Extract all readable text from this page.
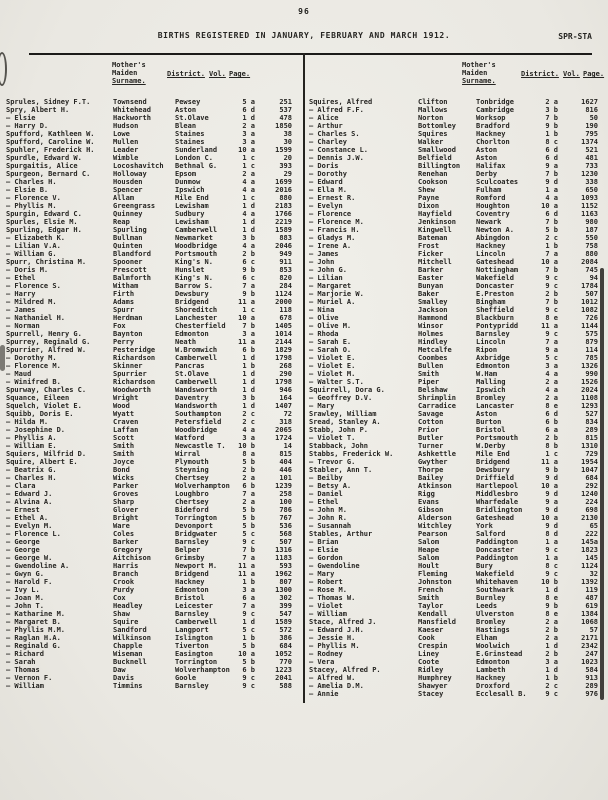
96
BIRTHS REGISTERED IN JANUARY, FEBRUARY AND MARCH 1912.	SPR-STA
Mother's
Maiden
Surname.
District. Vol. Page.
Mother's
Maiden
Surname.
District. Vol. Page.
Sprules, Sidney F.T.	Townsend	Pewsey	5 a	251
Spry, Albert H.	Whitehead	Aston	6 d	537
— Elsie	Hackworth	St.Olave	1 d	478
— Harry D.	Hudson	Blean	2 a	1850
Spufford, Kathleen W.	Lowe	Staines	3 a	38
Spufford, Caroline W.	Mullen	Staines	3 a	30
Spuhler, Frederick H.	Leader	Sunderland	10 a	1599
Spurdle, Edward W.	Wimble	London C.	1 c	20
Spurgaitis, Alice	Locoshavitch	Bethnal G.	1 c	393
Spurgeon, Bernard C.	Holloway	Epsom	2 a	29
— Charles H.	Housden	Dunmow	4 a	1699
— Elsie B.	Spencer	Ipswich	4 a	2016
— Florence V.	Allam	Mile End	1 c	880
— Phyllis M.	Greengrass	Lewisham	1 d	2183
Spurgin, Edward C.	Quinney	Sudbury	4 a	1766
Spurles, Elsie M.	Reap	Lewisham	1 d	2219
Spurling, Edgar H.	Spurling	Camberwell	1 d	1589
— Elizabeth K.	Bullman	Newmarket	3 b	883
— Lilian V.A.	Quinten	Woodbridge	4 a	2046
— William G.	Blandford	Portsmouth	2 b	949
Spurr, Christina M.	Spooner	King's N.	6 c	911
— Doris M.	Prescott	Hunslet	9 b	853
— Ethel	Balmforth	King's N.	6 c	820
— Florence S.	Witham	Barrow S.	7 a	284
— Harry	Firth	Dewsbury	9 b	1124
— Mildred M.	Adams	Bridgend	11 a	2000
— James	Spurr	Shoreditch	1 c	118
— Nathaniel H.	Herdman	Lanchester	10 a	678
— Norman	Fox	Chesterfield	7 b	1405
Spurrell, Henry G.	Baynton	Edmonton	3 a	1014
Spurrey, Reginald G.	Perry	Neath	11 a	2144
Spurrier, Alfred W.	Pesteridge	W.Bromwich	6 b	1829
— Dorothy M.	Richardson	Camberwell	1 d	1798
— Florence M.	Skinner	Pancras	1 b	268
— Maud	Spurrier	St.Olave	1 d	290
— Winifred B.	Richardson	Camberwell	1 d	1798
Spurway, Charles C.	Woodworth	Wandsworth	1 d	946
Squance, Eileen	Wright	Daventry	3 b	164
Squelch, Violet E.	Wood	Wandsworth	1 d	1407
Squibb, Doris E.	Wyatt	Southampton	2 c	72
— Hilda M.	Craven	Petersfield	2 c	318
— Josephine D.	Laffan	Woodbridge	4 a	2065
— Phyllis A.	Scott	Watford	3 a	1724
— William E.	Smith	Newcastle T.	10 b	14
Squiers, Wilfrid D.	Smith	Wirral	8 a	815
Squire, Albert E.	Joyce	Plymouth	5 b	404
— Beatrix G.	Bond	Steyning	2 b	446
— Charles H.	Wicks	Chertsey	2 a	101
— Clara	Parker	Wolverhampton	6 b	1239
— Edward J.	Groves	Loughbro	7 a	258
— Alvina A.	Sharp	Chertsey	2 a	100
— Ernest	Glover	Bideford	5 b	786
— Ethel A.	Bright	Torrington	5 b	767
— Evelyn M.	Ware	Devonport	5 b	536
— Florence L.	Coles	Bridgwater	5 c	568
— George	Barker	Barnsley	9 c	507
— George	Gregory	Belper	7 b	1316
— George W.	Aitchison	Grimsby	7 a	1183
— Gwendoline A.	Harris	Newport M.	11 a	593
— Gwyn G.	Branch	Bridgend	11 a	1962
— Harold F.	Crook	Hackney	1 b	807
— Ivy L.	Purdy	Edmonton	3 a	1300
— Joan M.	Cox	Bristol	6 a	302
— John T.	Headley	Leicester	7 a	399
— Katharine M.	Shaw	Barnsley	9 c	547
— Margaret B.	Squire	Camberwell	1 d	1589
— Phyllis M.M.	Sandford	Langport	5 c	572
— Raglan H.A.	Wilkinson	Islington	1 b	386
— Reginald G.	Chapple	Tiverton	5 b	684
— Richard	Wiseman	Easington	10 a	1052
— Sarah	Bucknell	Torrington	5 b	770
— Thomas	Daw	Wolverhampton	6 b	1223
— Vernon F.	Davis	Goole	9 c	2041
— William	Timmins	Barnsley	9 c	588
Squires, Alfred	Clifton	Tonbridge	2 a	1627
— Alfred F.F.	Mallows	Cambridge	3 b	816
— Alice	Norton	Worksop	7 b	50
— Arthur	Bottomley	Bradford	9 b	190
— Charles S.	Squires	Hackney	1 b	795
— Charley	Walker	Chorlton	8 c	1374
— Constance L.	Smallwood	Aston	6 d	521
— Dennis J.W.	Belfield	Aston	6 d	481
— Doris	Billington	Halifax	9 a	733
— Dorothy	Renehan	Derby	7 b	1230
— Edward	Cookson	Sculcoates	9 d	338
— Ella M.	Shew	Fulham	1 a	650
— Ernest R.	Payne	Romford	4 a	1093
— Evelyn	Dixon	Houghton	10 a	1152
— Florence	Hayfield	Coventry	6 d	1163
— Florence M.	Jenkinson	Newark	7 b	980
— Francis H.	Kingwell	Newton A.	5 b	187
— Gladys M.	Bateman	Abingdon	2 c	550
— Irene A.	Frost	Hackney	1 b	758
— James	Ficker	Lincoln	7 a	880
— John	Mitchell	Gateshead	10 a	2084
— John G.	Barker	Nottingham	7 b	745
— Lilian	Easter	Wakefield	9 c	94
— Margaret	Bunyan	Doncaster	9 c	1784
— Marjorie W.	Baker	E.Preston	2 b	507
— Muriel A.	Smalley	Bingham	7 b	1012
— Nina	Jackson	Sheffield	9 c	1082
— Olive	Hammond	Blackburn	8 e	726
— Olive M.	Winsor	Pontypridd	11 a	1144
— Rhoda	Holmes	Barnsley	9 c	575
— Sarah E.	Hindley	Lincoln	7 a	879
— Sarah O.	Metcalfe	Ripon	9 a	114
— Violet E.	Coombes	Axbridge	5 c	785
— Violet E.	Bullen	Edmonton	3 a	1326
— Violet M.	Smith	W.Ham	4 a	990
— Walter S.T.	Piper	Malling	2 a	1526
Squirrell, Dora G.	Belshaw	Ipswich	4 a	2024
— Geoffrey D.V.	Shrimplin	Bromley	2 a	1108
— Mary	Carradice	Lancaster	8 e	1293
Srawley, William	Savage	Aston	6 d	527
Sread, Stanley A.	Cotton	Burton	6 b	834
Stabb, John P.	Prior	Bristol	6 a	289
— Violet T.	Butler	Portsmouth	2 b	815
Stabback, John	Turner	W.Derby	8 b	1310
Stabbs, Frederick W.	Ashkettle	Mile End	1 c	729
— Trevor G.	Gwyther	Bridgend	11 a	1954
Stabler, Ann T.	Thorpe	Dewsbury	9 b	1047
— Beilby	Bailey	Driffield	9 d	684
— Betsy A.	Atkinson	Hartlepool	10 a	292
— Daniel	Rigg	Middlesbro	9 d	1240
— Ethel	Evans	Wharfedale	9 a	224
— John M.	Gibson	Bridlington	9 d	698
— John R.	Alderson	Gateshead	10 a	2130
— Susannah	Witchley	York	9 d	65
Stables, Arthur	Pearson	Salford	8 d	222
— Brian	Salom	Paddington	1 a	145a
— Elsie	Heape	Doncaster	9 c	1823
— Gordon	Salom	Paddington	1 a	145
— Gwendoline	Hoult	Bury	8 c	1124
— Mary	Fleming	Wakefield	9 c	32
— Robert	Johnston	Whitehaven	10 b	1392
— Rose M.	French	Southwark	1 d	119
— Thomas W.	Smith	Burnley	8 e	487
— Violet	Taylor	Leeds	9 b	619
— William	Kendall	Ulverston	8 e	1384
Stace, Alfred J.	Mansfield	Bromley	2 a	1068
— Edward J.H.	Kaeser	Hastings	2 b	57
— Jessie H.	Cook	Elham	2 a	2171
— Phyllis M.	Crespin	Woolwich	1 d	2342
— Rodney	Liney	E.Grinstead	2 b	247
— Vera	Coote	Edmonton	3 a	1023
Stacey, Alfred P.	Ridley	Lambeth	1 d	584
— Alfred W.	Humphrey	Hackney	1 b	913
— Amelia D.M.	Shawyer	Droxford	2 c	289
— Annie	Stacey	Ecclesall B.	9 c	976
